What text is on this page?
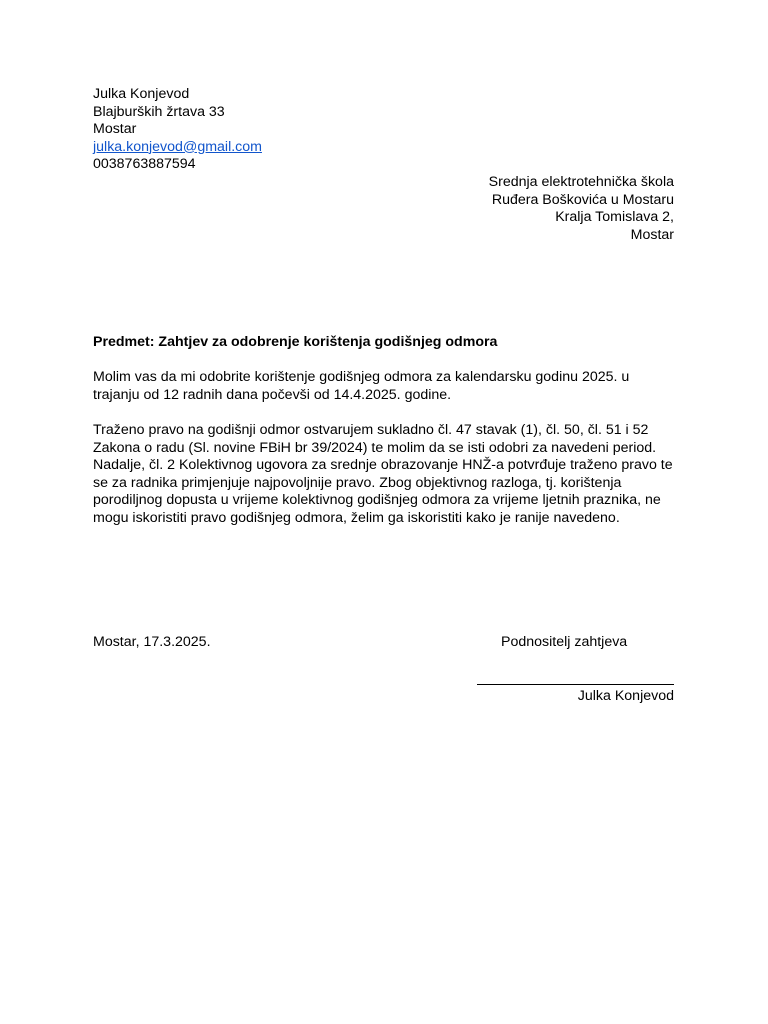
Julka Konjevod
Blajburških žrtava 33
Mostar
julka.konjevod@gmail.com
0038763887594
Srednja elektrotehnička škola
Ruđera Boškovića u Mostaru
Kralja Tomislava 2,
Mostar
Predmet: Zahtjev za odobrenje korištenja godišnjeg odmora
Molim vas da mi odobrite korištenje godišnjeg odmora za kalendarsku godinu 2025. u
trajanju od 12 radnih dana počevši od 14.4.2025. godine.
Traženo pravo na godišnji odmor ostvarujem sukladno čl. 47 stavak (1), čl. 50, čl. 51 i 52
Zakona o radu (Sl. novine FBiH br 39/2024) te molim da se isti odobri za navedeni period.
Nadalje, čl. 2 Kolektivnog ugovora za srednje obrazovanje HNŽ-a potvrđuje traženo pravo te
se za radnika primjenjuje najpovoljnije pravo. Zbog objektivnog razloga, tj. korištenja
porodiljnog dopusta u vrijeme kolektivnog godišnjeg odmora za vrijeme ljetnih praznika, ne
mogu iskoristiti pravo godišnjeg odmora, želim ga iskoristiti kako je ranije navedeno.
Mostar, 17.3.2025.	Podnositelj zahtjeva
Julka Konjevod
